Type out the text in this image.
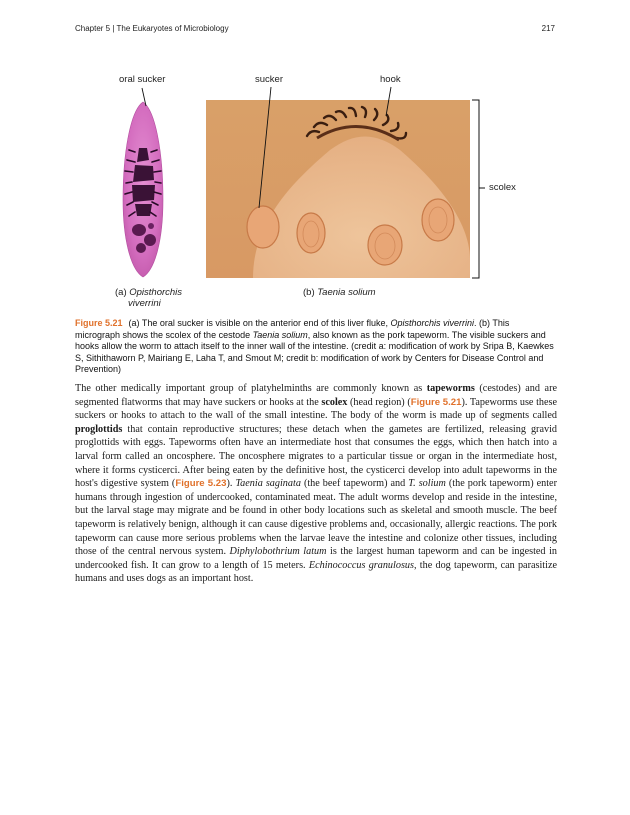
Chapter 5 | The Eukaryotes of Microbiology	217
oral sucker	sucker	hook
scolex
(a) Opisthorchis
viverrini
(b) Taenia solium
Figure 5.21 (a) The oral sucker is visible on the anterior end of this liver fluke, Opisthorchis viverrini. (b) This micrograph shows the scolex of the cestode Taenia solium, also known as the pork tapeworm. The visible suckers and hooks allow the worm to attach itself to the inner wall of the intestine. (credit a: modification of work by Sripa B, Kaewkes S, Sithithaworn P, Mairiang E, Laha T, and Smout M; credit b: modification of work by Centers for Disease Control and Prevention)
The other medically important group of platyhelminths are commonly known as tapeworms (cestodes) and are segmented flatworms that may have suckers or hooks at the scolex (head region) (Figure 5.21). Tapeworms use these suckers or hooks to attach to the wall of the small intestine. The body of the worm is made up of segments called proglottids that contain reproductive structures; these detach when the gametes are fertilized, releasing gravid proglottids with eggs. Tapeworms often have an intermediate host that consumes the eggs, which then hatch into a larval form called an oncosphere. The oncosphere migrates to a particular tissue or organ in the intermediate host, where it forms cysticerci. After being eaten by the definitive host, the cysticerci develop into adult tapeworms in the host's digestive system (Figure 5.23). Taenia saginata (the beef tapeworm) and T. solium (the pork tapeworm) enter humans through ingestion of undercooked, contaminated meat. The adult worms develop and reside in the intestine, but the larval stage may migrate and be found in other body locations such as skeletal and smooth muscle. The beef tapeworm is relatively benign, although it can cause digestive problems and, occasionally, allergic reactions. The pork tapeworm can cause more serious problems when the larvae leave the intestine and colonize other tissues, including those of the central nervous system. Diphylobothrium latum is the largest human tapeworm and can be ingested in undercooked fish. It can grow to a length of 15 meters. Echinococcus granulosus, the dog tapeworm, can parasitize humans and uses dogs as an important host.
